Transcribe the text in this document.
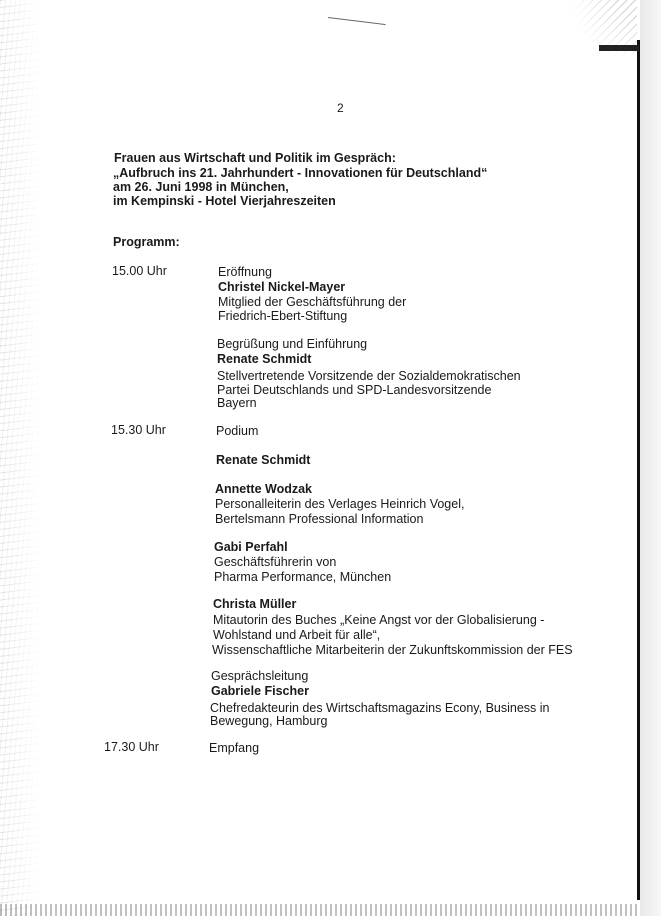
2
Frauen aus Wirtschaft und Politik im Gespräch:
„Aufbruch ins 21. Jahrhundert - Innovationen für Deutschland“
am 26. Juni 1998 in München,
im Kempinski - Hotel Vierjahreszeiten
Programm:
15.00 Uhr	Eröffnung
Christel Nickel-Mayer
Mitglied der Geschäftsführung der
Friedrich-Ebert-Stiftung
Begrüßung und Einführung
Renate Schmidt
Stellvertretende Vorsitzende der Sozialdemokratischen
Partei Deutschlands und SPD-Landesvorsitzende
Bayern
15.30 Uhr	Podium
Renate Schmidt
Annette Wodzak
Personalleiterin des Verlages Heinrich Vogel,
Bertelsmann Professional Information
Gabi Perfahl
Geschäftsführerin von
Pharma Performance, München
Christa Müller
Mitautorin des Buches „Keine Angst vor der Globalisierung -
Wohlstand und Arbeit für alle“,
Wissenschaftliche Mitarbeiterin der Zukunftskommission der FES
Gesprächsleitung
Gabriele Fischer
Chefredakteurin des Wirtschaftsmagazins Econy, Business in
Bewegung, Hamburg
17.30 Uhr	Empfang
